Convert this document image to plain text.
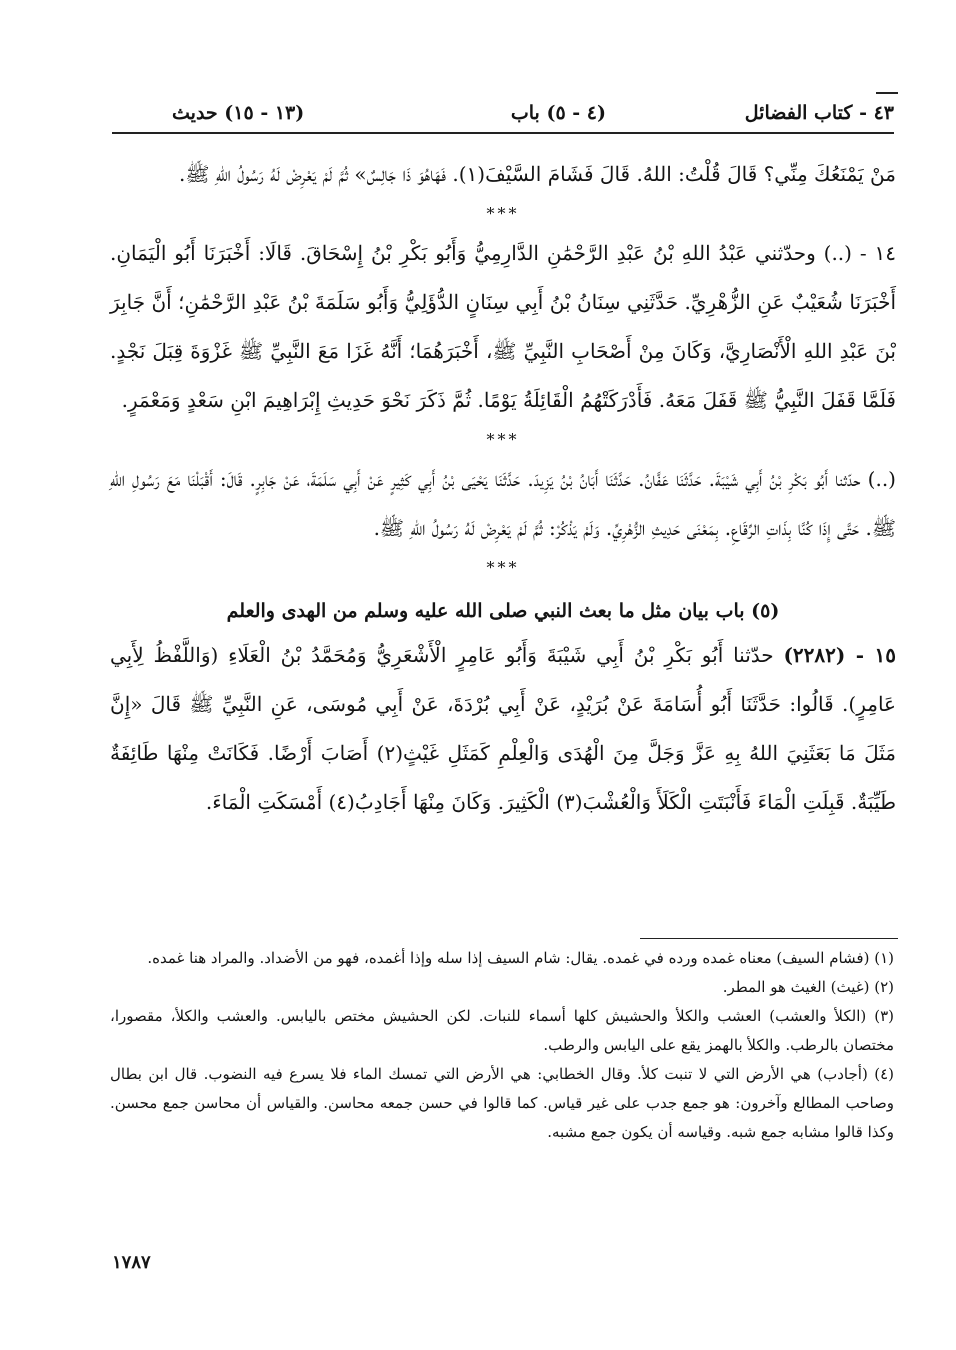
٤٣ - كتاب الفضائل
(٤ - ٥) باب
(١٣ - ١٥) حديث

مَنْ يَمْنَعُكَ مِنِّي؟ قَالَ قُلْتُ: اللهُ. قَالَ فَشَامَ السَّيْفَ(١). فَهَاهُوَ ذَا جَالِسٌ» ثُمَّ لَمْ يَعْرِضْ لَهُ رَسُولُ اللهِ ﷺ.

***

١٤ - (..) وحدّثني عَبْدُ اللهِ بْنُ عَبْدِ الرَّحْمَٰنِ الدَّارِمِيُّ وَأَبُو بَكْرِ بْنُ إِسْحَاقَ. قَالَا: أَخْبَرَنَا أَبُو الْيَمَانِ. أَخْبَرَنَا شُعَيْبٌ عَنِ الزُّهْرِيِّ. حَدَّثَنِي سِنَانُ بْنُ أَبِي سِنَانٍ الدُّؤَلِيُّ وَأَبُو سَلَمَةَ بْنُ عَبْدِ الرَّحْمَٰنِ؛ أَنَّ جَابِرَ بْنَ عَبْدِ اللهِ الْأَنْصَارِيَّ، وَكَانَ مِنْ أَصْحَابِ النَّبِيِّ ﷺ، أَخْبَرَهُمَا؛ أَنَّهُ غَزَا مَعَ النَّبِيِّ ﷺ غَزْوَةَ قِبَلَ نَجْدٍ. فَلَمَّا قَفَلَ النَّبِيُّ ﷺ قَفَلَ مَعَهُ. فَأَدْرَكَتْهُمُ الْقَائِلَةُ يَوْمًا. ثُمَّ ذَكَرَ نَحْوَ حَدِيثِ إِبْرَاهِيمَ ابْنِ سَعْدٍ وَمَعْمَرٍ.

***

(..) حدّثنا أَبُو بَكْرِ بْنُ أَبِي شَيْبَةَ. حَدَّثَنَا عَفَّانُ. حَدَّثَنَا أَبَانُ بْنُ يَزِيدَ. حَدَّثَنَا يَحْيَى بْنُ أَبِي كَثِيرٍ عَنْ أَبِي سَلَمَةَ، عَنْ جَابِرٍ. قَالَ: أَقْبَلْنَا مَعَ رَسُولِ اللهِ ﷺ. حَتَّى إِذَا كُنَّا بِذَاتِ الرِّقَاعِ. بِمَعْنَى حَدِيثِ الزُّهْرِيِّ. وَلَمْ يَذْكُرْ: ثُمَّ لَمْ يَعْرِضْ لَهُ رَسُولُ اللهِ ﷺ.

***
(٥) باب بيان مثل ما بعث النبي صلى الله عليه وسلم من الهدى والعلم

١٥ - (٢٢٨٢) حدّثنا أَبُو بَكْرِ بْنُ أَبِي شَيْبَةَ وَأَبُو عَامِرٍ الْأَشْعَرِيُّ وَمُحَمَّدُ بْنُ الْعَلَاءِ (وَاللَّفْظُ لِأَبِي عَامِرٍ). قَالُوا: حَدَّثَنَا أَبُو أُسَامَةَ عَنْ بُرَيْدٍ، عَنْ أَبِي بُرْدَةَ، عَنْ أَبِي مُوسَى، عَنِ النَّبِيِّ ﷺ قَالَ «إِنَّ مَثَلَ مَا بَعَثَنِيَ اللهُ بِهِ عَزَّ وَجَلَّ مِنَ الْهُدَى وَالْعِلْمِ كَمَثَلِ غَيْثٍ(٢) أَصَابَ أَرْضًا. فَكَانَتْ مِنْهَا طَائِفَةٌ طَيِّبَةٌ. قَبِلَتِ الْمَاءَ فَأَنْبَتَتِ الْكَلَأَ وَالْعُشْبَ(٣) الْكَثِيرَ. وَكَانَ مِنْهَا أَجَادِبُ(٤) أَمْسَكَتِ الْمَاءَ.

(١) (فشام السيف) معناه غمده ورده في غمده. يقال: شام السيف إذا سله وإذا أغمده، فهو من الأضداد. والمراد هنا غمده.

(٢) (غيث) الغيث هو المطر.

(٣) (الكلأ والعشب) العشب والكلأ والحشيش كلها أسماء للنبات. لكن الحشيش مختص باليابس. والعشب والكلأ، مقصورا، مختصان بالرطب. والكلأ بالهمز يقع على اليابس والرطب.

(٤) (أجادب) هي الأرض التي لا تنبت كلأ. وقال الخطابي: هي الأرض التي تمسك الماء فلا يسرع فيه النضوب. قال ابن بطال وصاحب المطالع وآخرون: هو جمع جدب على غير قياس. كما قالوا في حسن جمعه محاسن. والقياس أن محاسن جمع محسن. وكذا قالوا مشابه جمع شبه. وقياسه أن يكون جمع مشبه.

١٧٨٧
